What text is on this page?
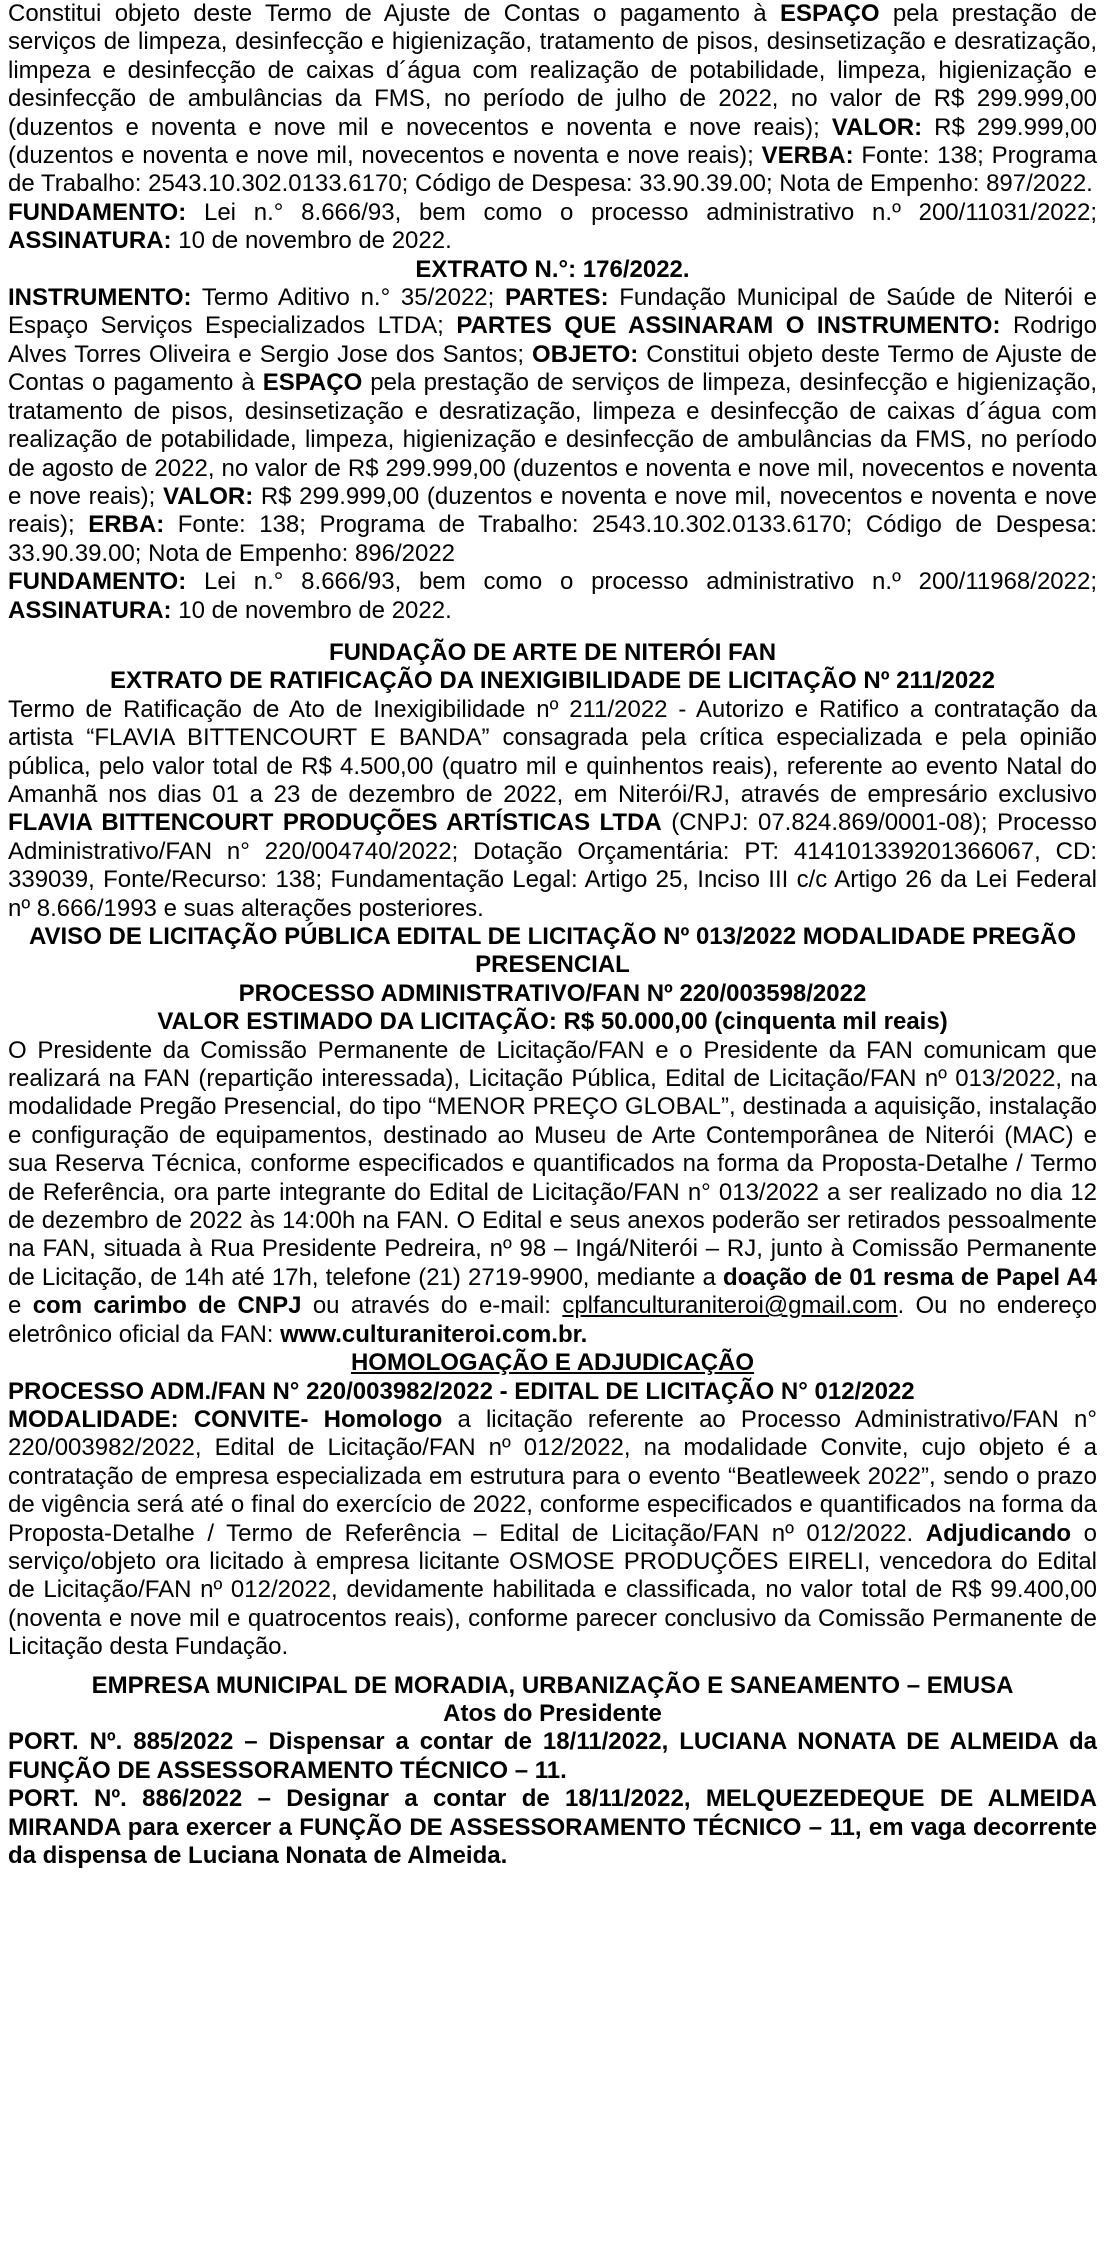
Constitui objeto deste Termo de Ajuste de Contas o pagamento à ESPAÇO pela prestação de serviços de limpeza, desinfecção e higienização, tratamento de pisos, desinsetização e desratização, limpeza e desinfecção de caixas d´água com realização de potabilidade, limpeza, higienização e desinfecção de ambulâncias da FMS, no período de julho de 2022, no valor de R$ 299.999,00 (duzentos e noventa e nove mil e novecentos e noventa e nove reais); VALOR: R$ 299.999,00 (duzentos e noventa e nove mil, novecentos e noventa e nove reais); VERBA: Fonte: 138; Programa de Trabalho: 2543.10.302.0133.6170; Código de Despesa: 33.90.39.00; Nota de Empenho: 897/2022.
FUNDAMENTO: Lei n.° 8.666/93, bem como o processo administrativo n.º 200/11031/2022; ASSINATURA: 10 de novembro de 2022.

EXTRATO N.°: 176/2022.

INSTRUMENTO: Termo Aditivo n.° 35/2022; PARTES: Fundação Municipal de Saúde de Niterói e Espaço Serviços Especializados LTDA; PARTES QUE ASSINARAM O INSTRUMENTO: Rodrigo Alves Torres Oliveira e Sergio Jose dos Santos; OBJETO: Constitui objeto deste Termo de Ajuste de Contas o pagamento à ESPAÇO pela prestação de serviços de limpeza, desinfecção e higienização, tratamento de pisos, desinsetização e desratização, limpeza e desinfecção de caixas d´água com realização de potabilidade, limpeza, higienização e desinfecção de ambulâncias da FMS, no período de agosto de 2022, no valor de R$ 299.999,00 (duzentos e noventa e nove mil, novecentos e noventa e nove reais); VALOR: R$ 299.999,00 (duzentos e noventa e nove mil, novecentos e noventa e nove reais); ERBA: Fonte: 138; Programa de Trabalho: 2543.10.302.0133.6170; Código de Despesa: 33.90.39.00; Nota de Empenho: 896/2022
FUNDAMENTO: Lei n.° 8.666/93, bem como o processo administrativo n.º 200/11968/2022; ASSINATURA: 10 de novembro de 2022.

FUNDAÇÃO DE ARTE DE NITERÓI FAN

EXTRATO DE RATIFICAÇÃO DA INEXIGIBILIDADE DE LICITAÇÃO Nº 211/2022

Termo de Ratificação de Ato de Inexigibilidade nº 211/2022 - Autorizo e Ratifico a contratação da artista “FLAVIA BITTENCOURT E BANDA” consagrada pela crítica especializada e pela opinião pública, pelo valor total de R$ 4.500,00 (quatro mil e quinhentos reais), referente ao evento Natal do Amanhã nos dias 01 a 23 de dezembro de 2022, em Niterói/RJ, através de empresário exclusivo FLAVIA BITTENCOURT PRODUÇÕES ARTÍSTICAS LTDA (CNPJ: 07.824.869/0001-08); Processo Administrativo/FAN n° 220/004740/2022; Dotação Orçamentária: PT: 414101339201366067, CD: 339039, Fonte/Recurso: 138; Fundamentação Legal: Artigo 25, Inciso III c/c Artigo 26 da Lei Federal nº 8.666/1993 e suas alterações posteriores.

AVISO DE LICITAÇÃO PÚBLICA EDITAL DE LICITAÇÃO Nº 013/2022 MODALIDADE PREGÃO PRESENCIAL

PROCESSO ADMINISTRATIVO/FAN Nº 220/003598/2022

VALOR ESTIMADO DA LICITAÇÃO: R$ 50.000,00 (cinquenta mil reais)

O Presidente da Comissão Permanente de Licitação/FAN e o Presidente da FAN comunicam que realizará na FAN (repartição interessada), Licitação Pública, Edital de Licitação/FAN nº 013/2022, na modalidade Pregão Presencial, do tipo “MENOR PREÇO GLOBAL”, destinada a aquisição, instalação e configuração de equipamentos, destinado ao Museu de Arte Contemporânea de Niterói (MAC) e sua Reserva Técnica, conforme especificados e quantificados na forma da Proposta-Detalhe / Termo de Referência, ora parte integrante do Edital de Licitação/FAN n° 013/2022 a ser realizado no dia 12 de dezembro de 2022 às 14:00h na FAN. O Edital e seus anexos poderão ser retirados pessoalmente na FAN, situada à Rua Presidente Pedreira, nº 98 – Ingá/Niterói – RJ, junto à Comissão Permanente de Licitação, de 14h até 17h, telefone (21) 2719-9900, mediante a doação de 01 resma de Papel A4 e com carimbo de CNPJ ou através do e-mail: cplfanculturaniteroi@gmail.com. Ou no endereço eletrônico oficial da FAN: www.culturaniteroi.com.br.

HOMOLOGAÇÃO E ADJUDICAÇÃO

PROCESSO ADM./FAN N° 220/003982/2022 - EDITAL DE LICITAÇÃO N° 012/2022
MODALIDADE: CONVITE- Homologo a licitação referente ao Processo Administrativo/FAN n° 220/003982/2022, Edital de Licitação/FAN nº 012/2022, na modalidade Convite, cujo objeto é a contratação de empresa especializada em estrutura para o evento “Beatleweek 2022”, sendo o prazo de vigência será até o final do exercício de 2022, conforme especificados e quantificados na forma da Proposta-Detalhe / Termo de Referência – Edital de Licitação/FAN nº 012/2022. Adjudicando o serviço/objeto ora licitado à empresa licitante OSMOSE PRODUÇÕES EIRELI, vencedora do Edital de Licitação/FAN nº 012/2022, devidamente habilitada e classificada, no valor total de R$ 99.400,00 (noventa e nove mil e quatrocentos reais), conforme parecer conclusivo da Comissão Permanente de Licitação desta Fundação.

EMPRESA MUNICIPAL DE MORADIA, URBANIZAÇÃO E SANEAMENTO – EMUSA

Atos do Presidente

PORT. Nº. 885/2022 – Dispensar a contar de 18/11/2022, LUCIANA NONATA DE ALMEIDA da FUNÇÃO DE ASSESSORAMENTO TÉCNICO – 11.

PORT. Nº. 886/2022 – Designar a contar de 18/11/2022, MELQUEZEDEQUE DE ALMEIDA MIRANDA para exercer a FUNÇÃO DE ASSESSORAMENTO TÉCNICO – 11, em vaga decorrente da dispensa de Luciana Nonata de Almeida.
